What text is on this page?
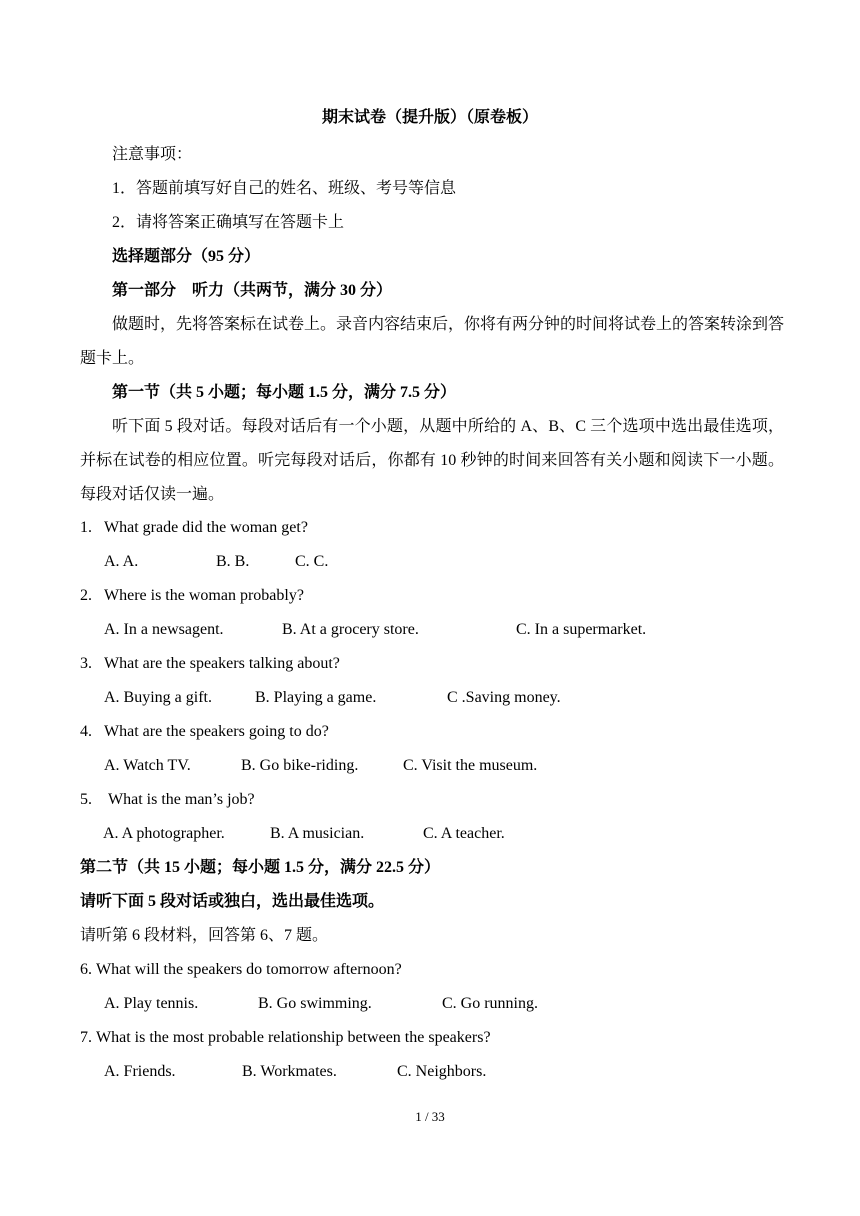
期末试卷（提升版）（原卷板）
注意事项：
1．答题前填写好自己的姓名、班级、考号等信息
2．请将答案正确填写在答题卡上
选择题部分（95 分）
第一部分　听力（共两节，满分 30 分）
做题时，先将答案标在试卷上。录音内容结束后，你将有两分钟的时间将试卷上的答案转涂到答题卡上。
第一节（共 5 小题；每小题 1.5 分，满分 7.5 分）
听下面 5 段对话。每段对话后有一个小题，从题中所给的 A、B、C 三个选项中选出最佳选项，并标在试卷的相应位置。听完每段对话后，你都有 10 秒钟的时间来回答有关小题和阅读下一小题。每段对话仅读一遍。
1. What grade did the woman get?
A. A.	B. B.	C. C.
2. Where is the woman probably?
A. In a newsagent.	B. At a grocery store.	C. In a supermarket.
3. What are the speakers talking about?
A. Buying a gift.	B. Playing a game.	C .Saving money.
4. What are the speakers going to do?
A. Watch TV.	B. Go bike-riding.	C. Visit the museum.
5. What is the man’s job?
A. A photographer.	B. A musician.	C. A teacher.
第二节（共 15 小题；每小题 1.5 分，满分 22.5 分）
请听下面 5 段对话或独白，选出最佳选项。
请听第 6 段材料，回答第 6、7 题。
6. What will the speakers do tomorrow afternoon?
A. Play tennis.	B. Go swimming.	C. Go running.
7. What is the most probable relationship between the speakers?
A. Friends.	B. Workmates.	C. Neighbors.
1 / 33
